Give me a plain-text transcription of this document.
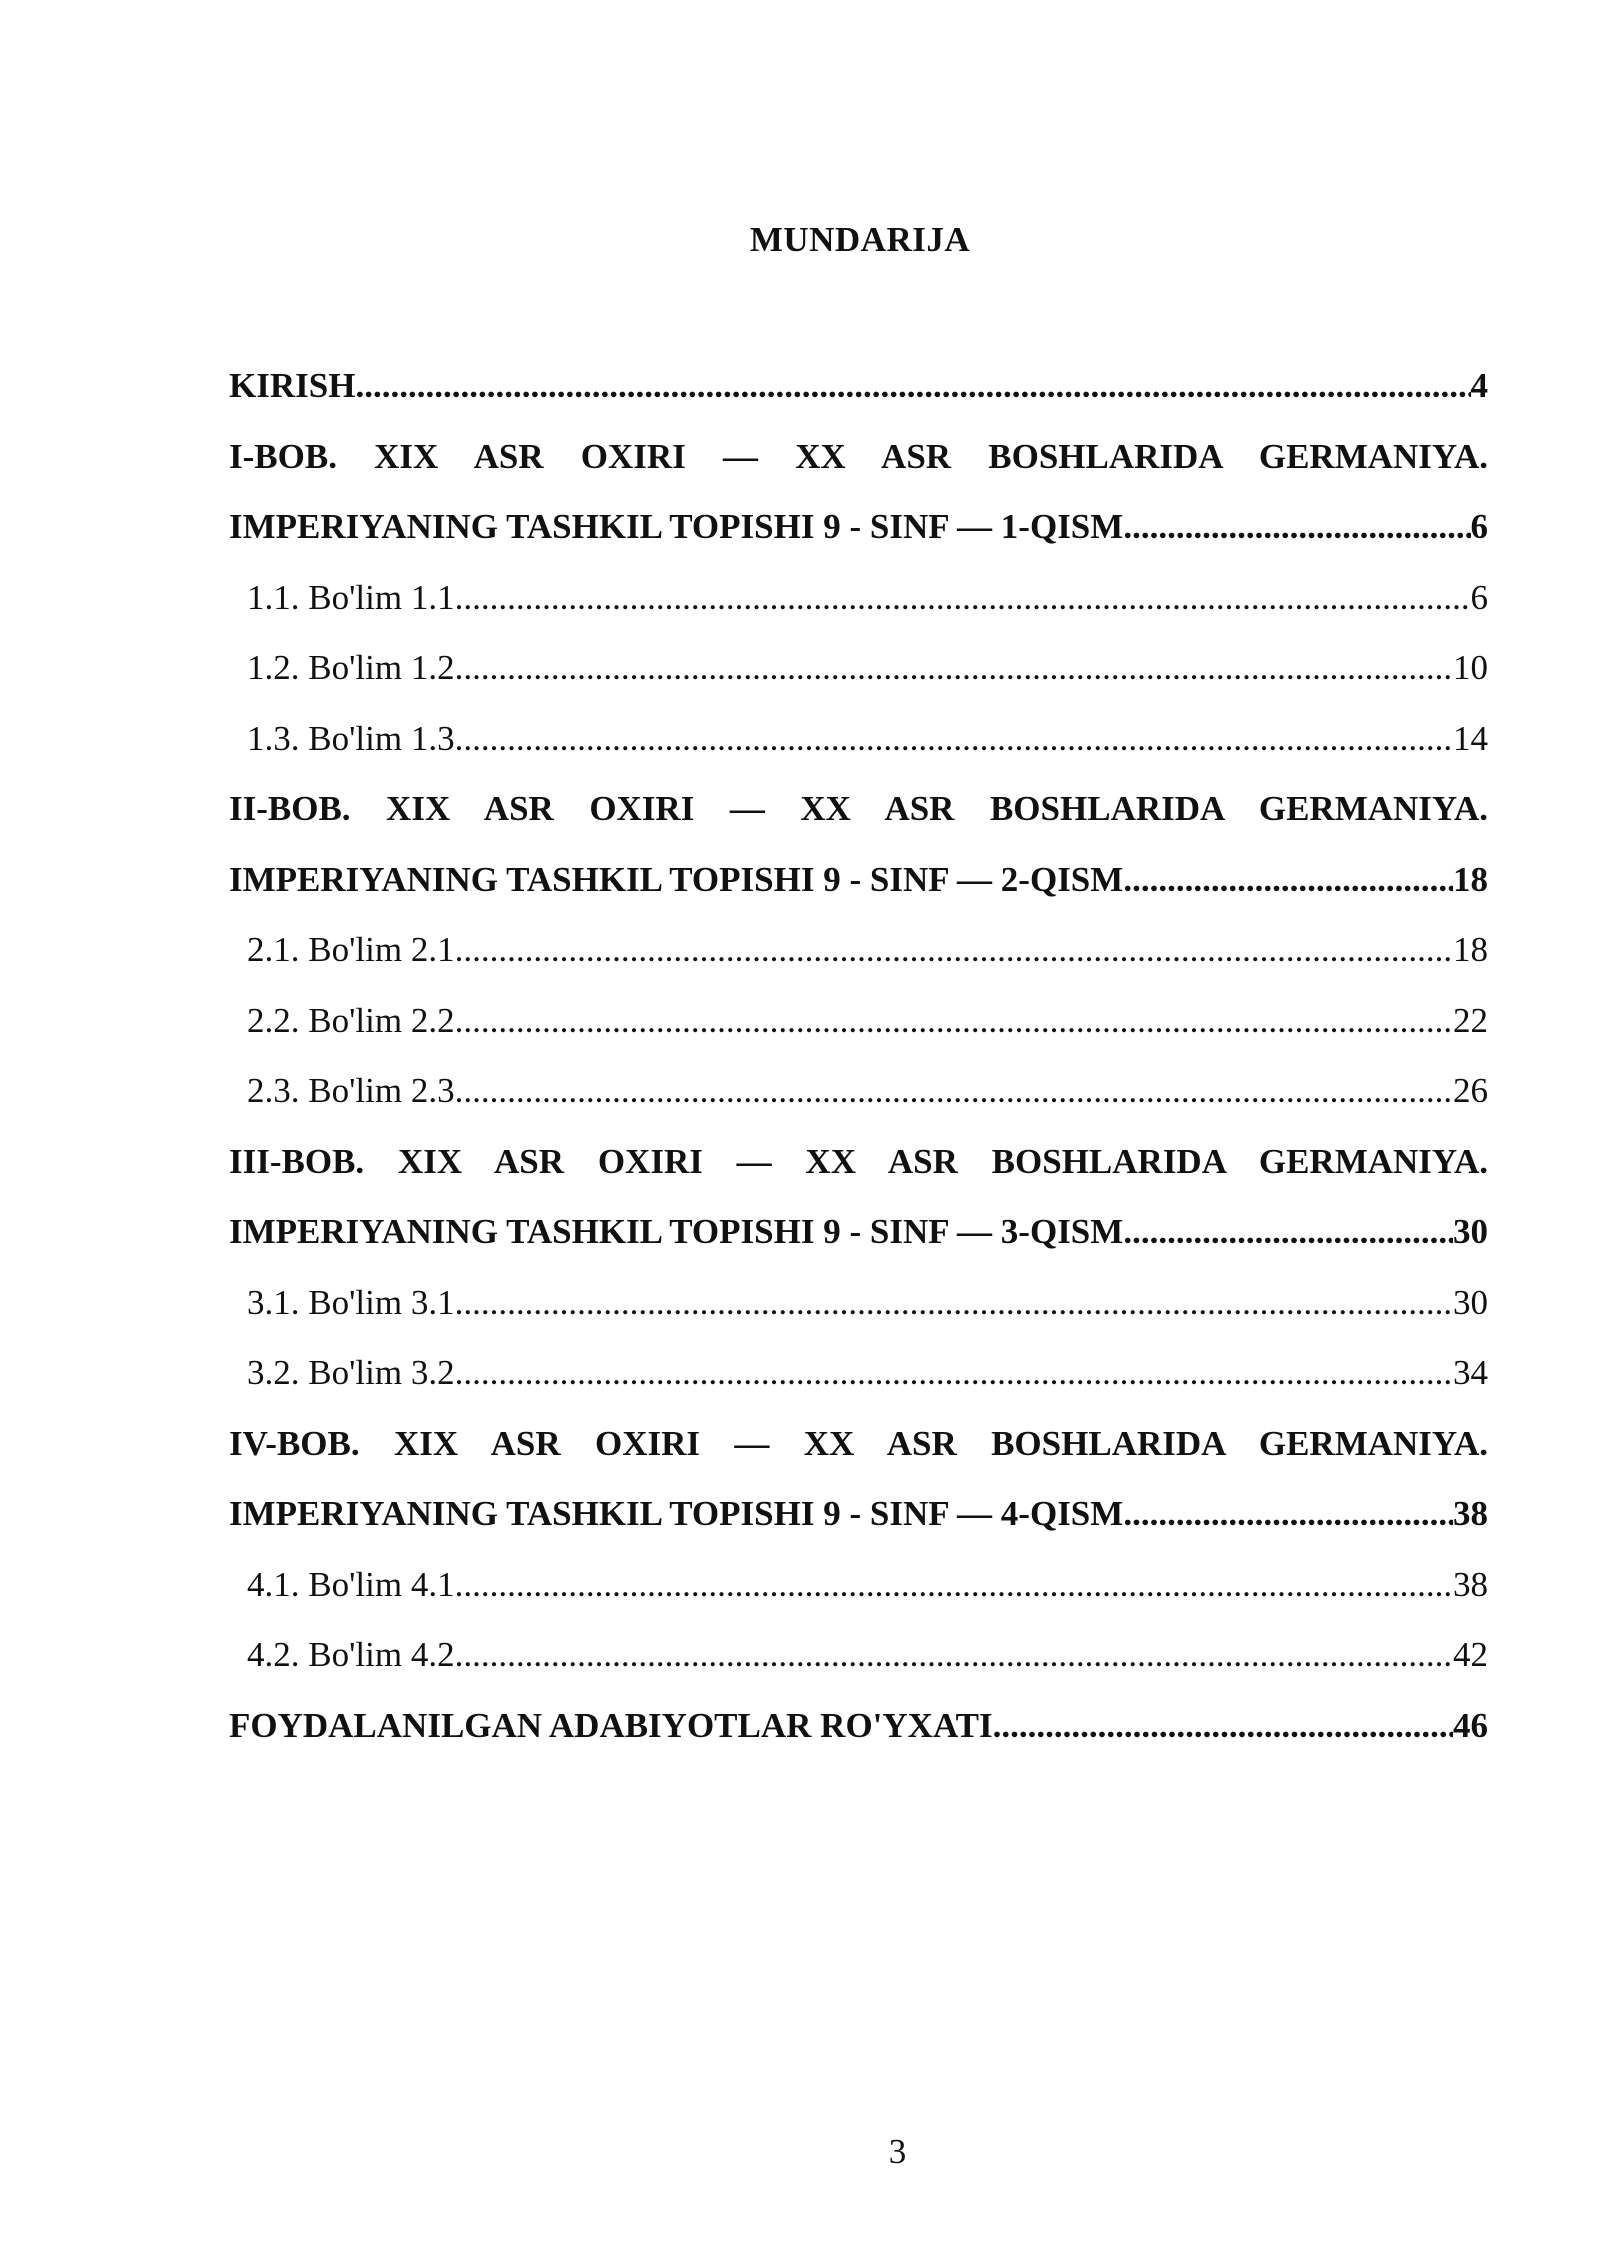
MUNDARIJA
KIRISH .....	4
I-BOB. XIX ASR OXIRI — XX ASR BOSHLARIDA GERMANIYA.
IMPERIYANING TASHKIL TOPISHI 9 - SINF — 1-QISM .....	6
1.1. Bo'lim 1.1 .....	6
1.2. Bo'lim 1.2 .....	10
1.3. Bo'lim 1.3 .....	14
II-BOB. XIX ASR OXIRI — XX ASR BOSHLARIDA GERMANIYA.
IMPERIYANING TASHKIL TOPISHI 9 - SINF — 2-QISM .....	18
2.1. Bo'lim 2.1 .....	18
2.2. Bo'lim 2.2 .....	22
2.3. Bo'lim 2.3 .....	26
III-BOB. XIX ASR OXIRI — XX ASR BOSHLARIDA GERMANIYA.
IMPERIYANING TASHKIL TOPISHI 9 - SINF — 3-QISM .....	30
3.1. Bo'lim 3.1 .....	30
3.2. Bo'lim 3.2 .....	34
IV-BOB. XIX ASR OXIRI — XX ASR BOSHLARIDA GERMANIYA.
IMPERIYANING TASHKIL TOPISHI 9 - SINF — 4-QISM .....	38
4.1. Bo'lim 4.1 .....	38
4.2. Bo'lim 4.2 .....	42
FOYDALANILGAN ADABIYOTLAR RO'YXATI .....	46
3
